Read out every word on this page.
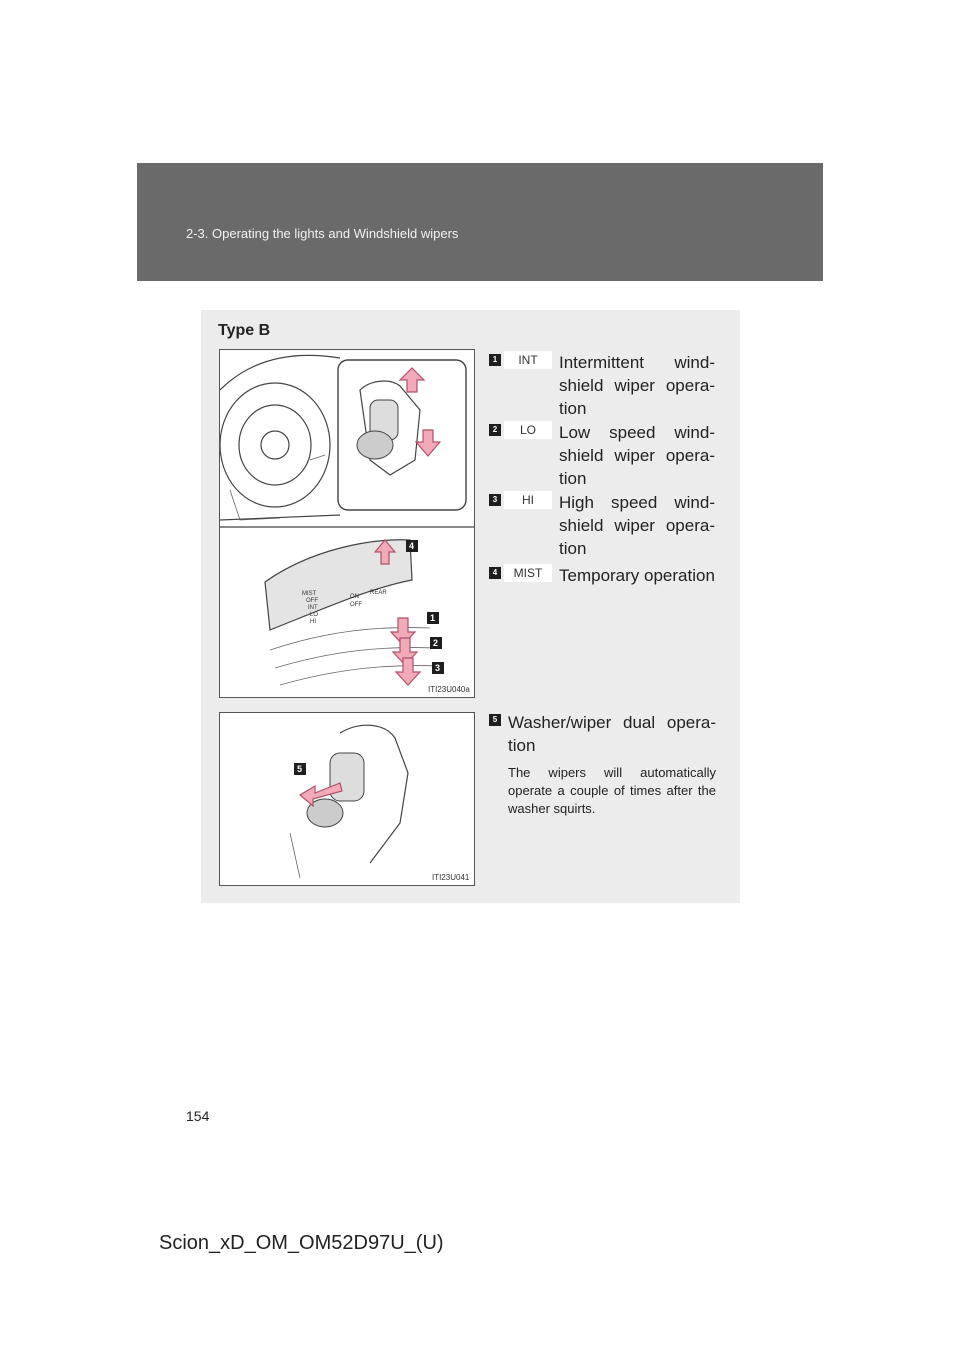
2-3. Operating the lights and Windshield wipers
Type B
MIST
OFF
INT
LO
HI
ON
OFF
REAR
4
1
2
3
ITI23U040a
5
ITI23U041
1	INT	Intermittent wind-shield wiper opera-tion
2	LO	Low speed wind-shield wiper opera-tion
3	HI	High speed wind-shield wiper opera-tion
4	MIST Temporary operation
5 Washer/wiper dual opera-tion
The wipers will automatically operate a couple of times after the washer squirts.
154
Scion_xD_OM_OM52D97U_(U)
